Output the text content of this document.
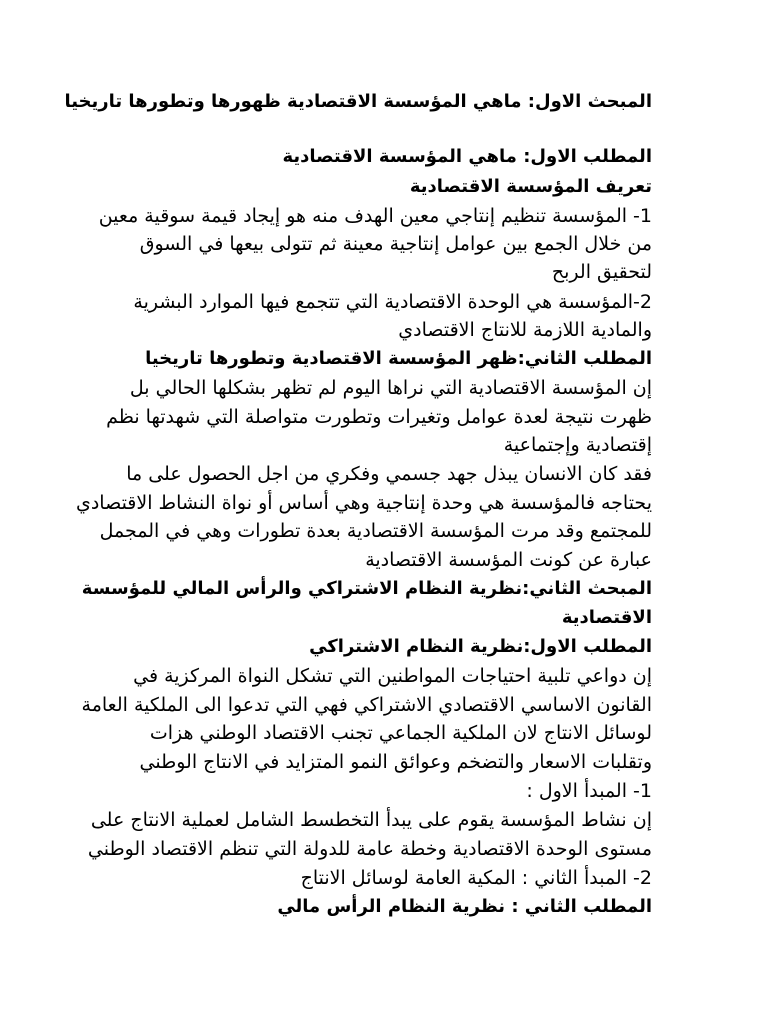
المبحث الاول: ماهي المؤسسة الاقتصادية ظهورها وتطورها تاريخيا
المطلب الاول: ماهي المؤسسة الاقتصادية
تعريف المؤسسة الاقتصادية
1- المؤسسة تنظيم إنتاجي معين الهدف منه هو إيجاد قيمة سوقية معين
من خلال الجمع بين عوامل إنتاجية معينة ثم تتولى بيعها في السوق
لتحقيق الربح
2-المؤسسة هي الوحدة الاقتصادية التي تتجمع فيها الموارد البشرية
والمادية اللازمة للانتاج الاقتصادي
المطلب الثاني:ظهر المؤسسة الاقتصادية وتطورها تاريخيا
إن المؤسسة الاقتصادية التي نراها اليوم لم تظهر بشكلها الحالي بل
ظهرت نتيجة لعدة عوامل وتغيرات وتطورت متواصلة التي شهدتها نظم
إقتصادية وإجتماعية
فقد كان الانسان يبذل جهد جسمي وفكري من اجل الحصول على ما
يحتاجه فالمؤسسة هي وحدة إنتاجية وهي أساس أو نواة النشاط الاقتصادي
للمجتمع وقد مرت المؤسسة الاقتصادية بعدة تطورات وهي في المجمل
عبارة عن كونت المؤسسة الاقتصادية
المبحث الثاني:نظرية النظام الاشتراكي والرأس المالي للمؤسسة
الاقتصادية
المطلب الاول:نظرية النظام الاشتراكي
إن دواعي تلبية احتياجات المواطنين التي تشكل النواة المركزية في
القانون الاساسي الاقتصادي الاشتراكي فهي التي تدعوا الى الملكية العامة
لوسائل الانتاج لان الملكية الجماعي تجنب الاقتصاد الوطني هزات
وتقلبات الاسعار والتضخم وعوائق النمو المتزايد في الانتاج الوطني
1- المبدأ الاول :
إن نشاط المؤسسة يقوم على يبدأ التخطسط الشامل لعملية الانتاج على
مستوى الوحدة الاقتصادية وخطة عامة للدولة التي تنظم الاقتصاد الوطني
2- المبدأ الثاني : المكية العامة لوسائل الانتاج
المطلب الثاني : نظرية النظام الرأس مالي
